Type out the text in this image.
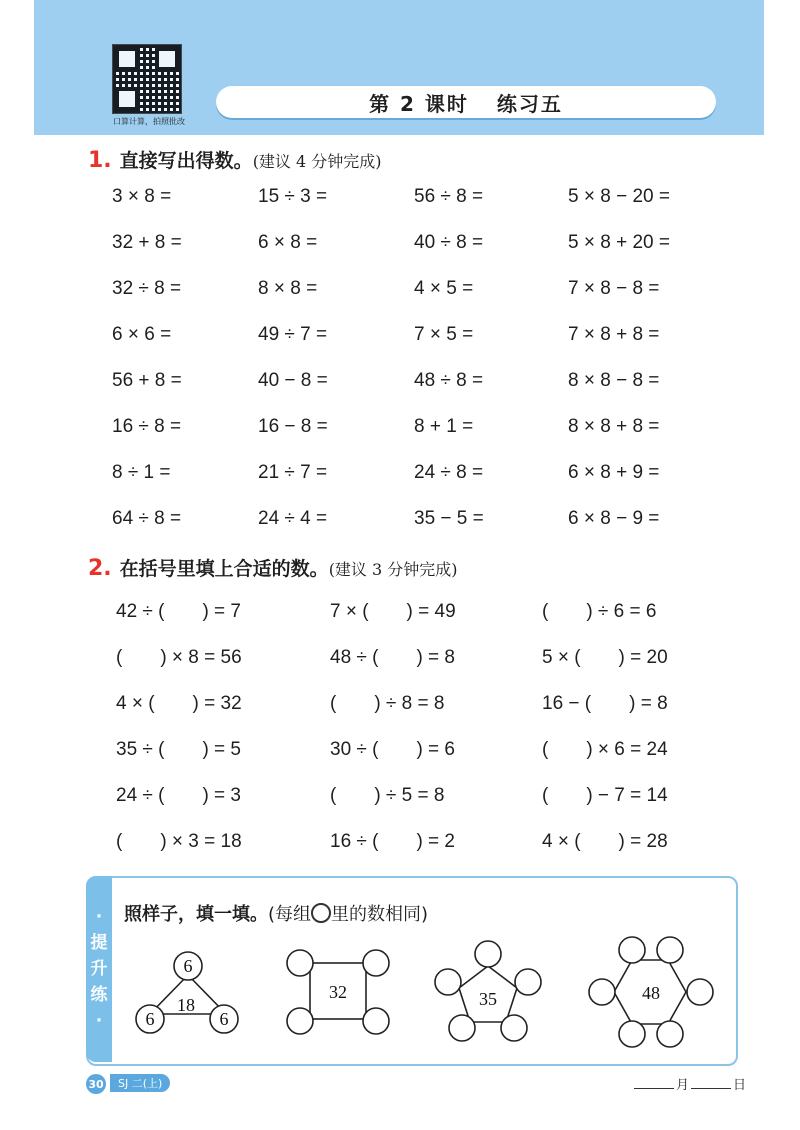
口算计算，拍照批改
第 2 课时 练习五
1. 直接写出得数。(建议 4 分钟完成)
3 × 8 =	15 ÷ 3 =	56 ÷ 8 =	5 × 8 − 20 =
32 + 8 =	6 × 8 =	40 ÷ 8 =	5 × 8 + 20 =
32 ÷ 8 =	8 × 8 =	4 × 5 =	7 × 8 − 8 =
6 × 6 =	49 ÷ 7 =	7 × 5 =	7 × 8 + 8 =
56 + 8 =	40 − 8 =	48 ÷ 8 =	8 × 8 − 8 =
16 ÷ 8 =	16 − 8 =	8 + 1 =	8 × 8 + 8 =
8 ÷ 1 =	21 ÷ 7 =	24 ÷ 8 =	6 × 8 + 9 =
64 ÷ 8 =	24 ÷ 4 =	35 − 5 =	6 × 8 − 9 =
2. 在括号里填上合适的数。(建议 3 分钟完成)
42 ÷ (　　) = 7	7 × (　　) = 49	(　　) ÷ 6 = 6
(　　) × 8 = 56	48 ÷ (　　) = 8	5 × (　　) = 20
4 × (　　) = 32	(　　) ÷ 8 = 8	16 − (　　) = 8
35 ÷ (　　) = 5	30 ÷ (　　) = 6	(　　) × 6 = 24
24 ÷ (　　) = 3	(　　) ÷ 5 = 8	(　　) − 7 = 14
(　　) × 3 = 18	16 ÷ (　　) = 2	4 × (　　) = 28
·
提
升
练
·
照样子，填一填。(每组 里的数相同)
6
18
6	6
32	35	48
30	SJ 二(上)	月	日
